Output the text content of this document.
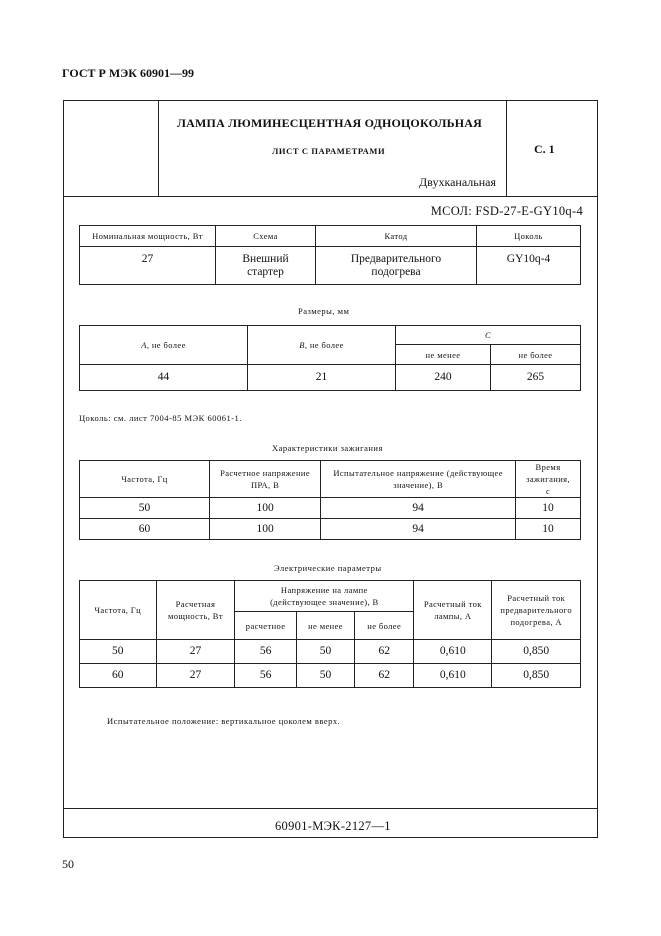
ГОСТ Р МЭК 60901—99
ЛАМПА ЛЮМИНЕСЦЕНТНАЯ ОДНОЦОКОЛЬНАЯ
ЛИСТ С ПАРАМЕТРАМИ
Двухканальная
С. 1
МСОЛ: FSD-27-E-GY10q-4
Номинальная мощность, Вт	Схема	Катод	Цоколь
27	Внешний стартер	Предварительного подогрева	GY10q-4
Размеры, мм
A, не более	B, не более	C	
		не менее	не более
44	21	240	265
Цоколь: см. лист 7004-85 МЭК 60061-1.
Характеристики зажигания
Частота, Гц	Расчетное напряжение ПРА, В	Испытательное напряжение (действующее значение), В	Время зажигания, с
50	100	94	10
60	100	94	10
Электрические параметры
Частота, Гц	Расчетная мощность, Вт	Напряжение на лампе (действующее значение), В			Расчетный ток лампы, А	Расчетный ток предварительного подогрева, А
		расчетное	не менее	не более		
50	27	56	50	62	0,610	0,850
60	27	56	50	62	0,610	0,850
Испытательное положение: вертикальное цоколем вверх.
60901-МЭК-2127—1
50
